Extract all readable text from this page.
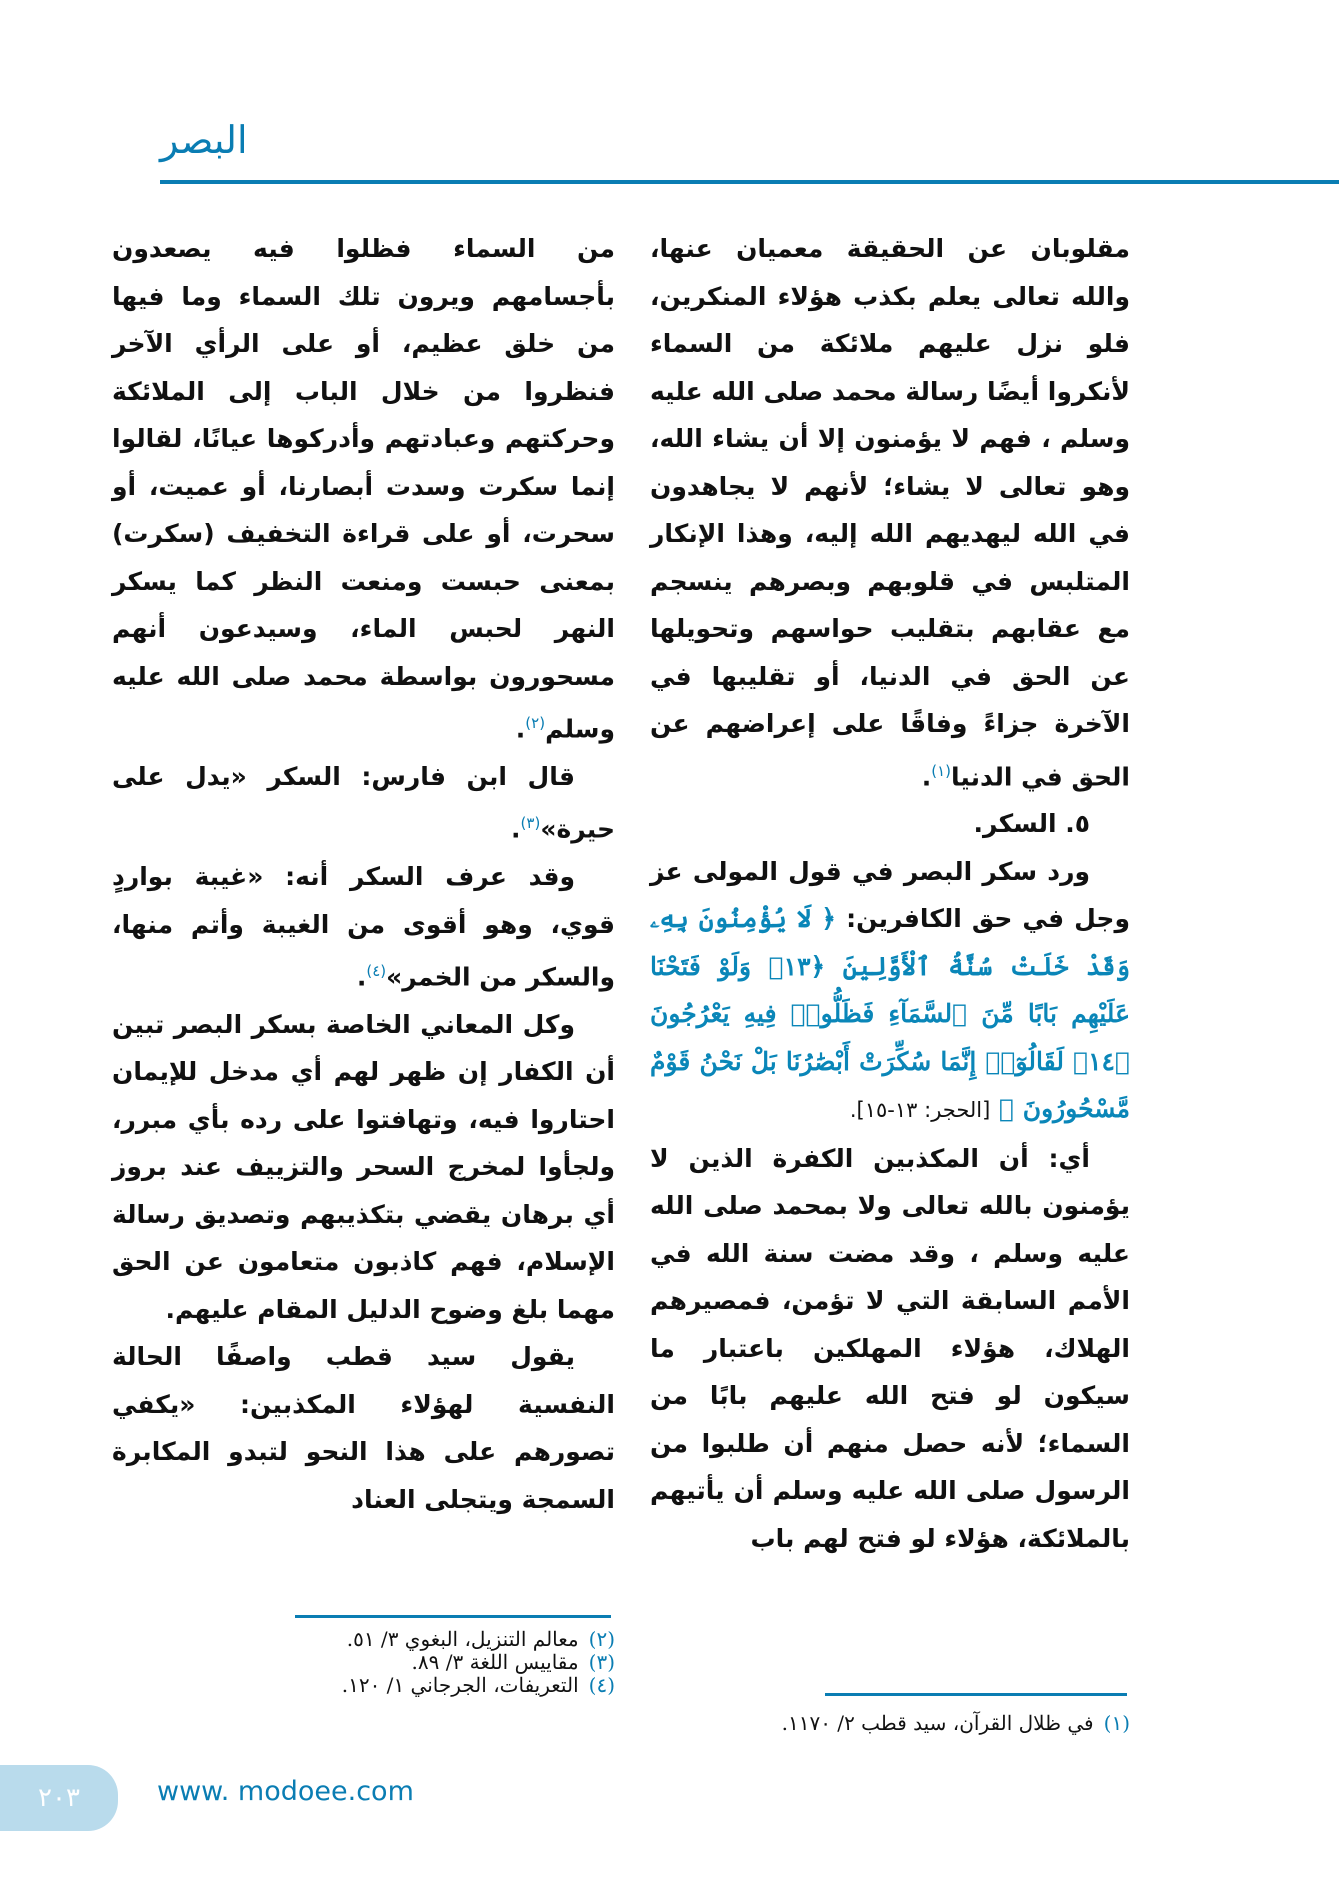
البصر

مقلوبان عن الحقيقة معميان عنها، والله تعالى يعلم بكذب هؤلاء المنكرين، فلو نزل عليهم ملائكة من السماء لأنكروا أيضًا رسالة محمد صلى الله عليه وسلم ، فهم لا يؤمنون إلا أن يشاء الله، وهو تعالى لا يشاء؛ لأنهم لا يجاهدون في الله ليهديهم الله إليه، وهذا الإنكار المتلبس في قلوبهم وبصرهم ينسجم مع عقابهم بتقليب حواسهم وتحويلها عن الحق في الدنيا، أو تقليبها في الآخرة جزاءً وفاقًا على إعراضهم عن الحق في الدنيا$^{(١)}$.

٥. السكر.

ورد سكر البصر في قول المولى عز وجل في حق الكافرين: ﴿ لَا يُؤْمِنُونَ بِهِۦ وَقَدْ خَلَتْ سُنَّةُ ٱلْأَوَّلِينَ ﴿١٣﴾ وَلَوْ فَتَحْنَا عَلَيْهِم بَابًا مِّنَ ٱلسَّمَآءِ فَظَلُّوا۟ فِيهِ يَعْرُجُونَ ﴿١٤﴾ لَقَالُوٓا۟ إِنَّمَا سُكِّرَتْ أَبْصَٰرُنَا بَلْ نَحْنُ قَوْمٌ مَّسْحُورُونَ ﴾ [الحجر: ١٣-١٥].

أي: أن المكذبين الكفرة الذين لا يؤمنون بالله تعالى ولا بمحمد صلى الله عليه وسلم ، وقد مضت سنة الله في الأمم السابقة التي لا تؤمن، فمصيرهم الهلاك، هؤلاء المهلكين باعتبار ما سيكون لو فتح الله عليهم بابًا من السماء؛ لأنه حصل منهم أن طلبوا من الرسول صلى الله عليه وسلم أن يأتيهم بالملائكة، هؤلاء لو فتح لهم باب

من السماء فظلوا فيه يصعدون بأجسامهم ويرون تلك السماء وما فيها من خلق عظيم، أو على الرأي الآخر فنظروا من خلال الباب إلى الملائكة وحركتهم وعبادتهم وأدركوها عيانًا، لقالوا إنما سكرت وسدت أبصارنا، أو عميت، أو سحرت، أو على قراءة التخفيف (سكرت) بمعنى حبست ومنعت النظر كما يسكر النهر لحبس الماء، وسيدعون أنهم مسحورون بواسطة محمد صلى الله عليه وسلم$^{(٢)}$.

قال ابن فارس: السكر «يدل على حيرة»$^{(٣)}$.

وقد عرف السكر أنه: «غيبة بواردٍ قوي، وهو أقوى من الغيبة وأتم منها، والسكر من الخمر»$^{(٤)}$.

وكل المعاني الخاصة بسكر البصر تبين أن الكفار إن ظهر لهم أي مدخل للإيمان احتاروا فيه، وتهافتوا على رده بأي مبرر، ولجأوا لمخرج السحر والتزييف عند بروز أي برهان يقضي بتكذيبهم وتصديق رسالة الإسلام، فهم كاذبون متعامون عن الحق مهما بلغ وضوح الدليل المقام عليهم.

يقول سيد قطب واصفًا الحالة النفسية لهؤلاء المكذبين: «يكفي تصورهم على هذا النحو لتبدو المكابرة السمجة ويتجلى العناد

(١)في ظلال القرآن، سيد قطب ٢/ ١١٧٠.
(٢)معالم التنزيل، البغوي ٣/ ٥١.
(٣)مقاييس اللغة ٣/ ٨٩.
(٤)التعريفات، الجرجاني ١/ ١٢٠.
٢٠٣	www. modoee.com
